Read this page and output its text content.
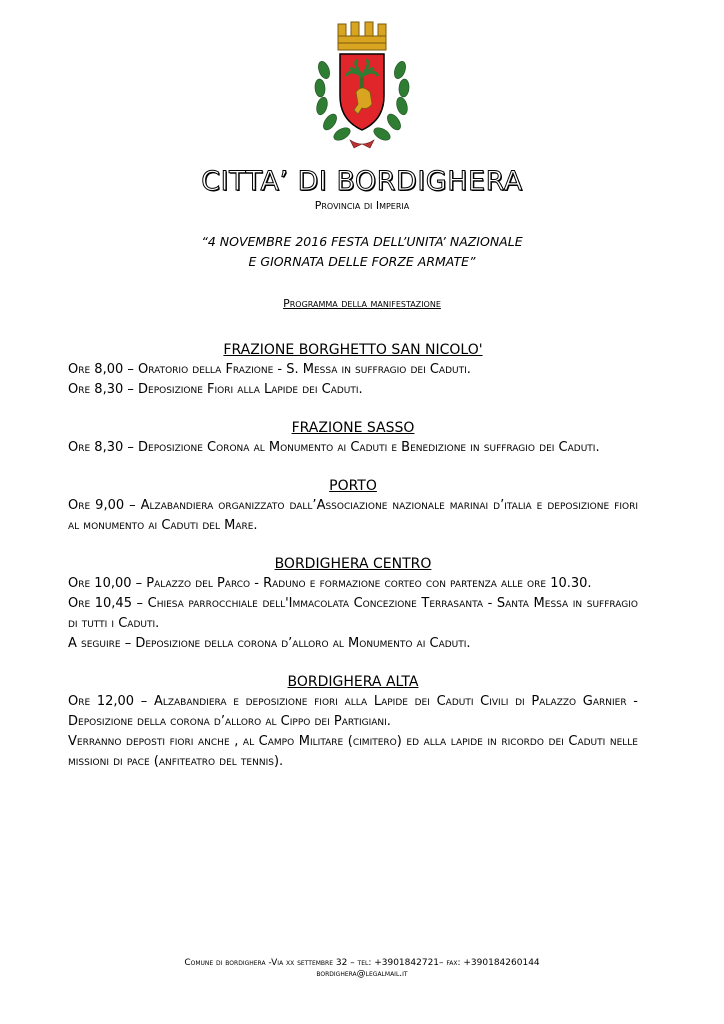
CITTA’ DI BORDIGHERA
Provincia di Imperia
“4 NOVEMBRE 2016 FESTA DELL’UNITA’ NAZIONALE
E GIORNATA DELLE FORZE ARMATE”
Programma della manifestazione

FRAZIONE BORGHETTO SAN NICOLO'

Ore 8,00 – Oratorio della Frazione - S. Messa in suffragio dei Caduti.

Ore 8,30 – Deposizione Fiori alla Lapide dei Caduti.

FRAZIONE SASSO

Ore 8,30 – Deposizione Corona al Monumento ai Caduti e Benedizione in suffragio dei Caduti.

PORTO

Ore 9,00 – Alzabandiera organizzato dall’Associazione nazionale marinai d’italia e deposizione fiori al monumento ai Caduti del Mare.

BORDIGHERA CENTRO

Ore 10,00 – Palazzo del Parco - Raduno e formazione corteo con partenza alle ore 10.30.

Ore 10,45 – Chiesa parrocchiale dell'Immacolata Concezione Terrasanta - Santa Messa in suffragio di tutti i Caduti.

A seguire – Deposizione della corona d’alloro al Monumento ai Caduti.

BORDIGHERA ALTA

Ore 12,00 – Alzabandiera e deposizione fiori alla Lapide dei Caduti Civili di Palazzo Garnier - Deposizione della corona d’alloro al Cippo dei Partigiani.

Verranno deposti fiori anche , al Campo Militare (cimitero) ed alla lapide in ricordo dei Caduti nelle missioni di pace (anfiteatro del tennis).

Comune di bordighera -Via xx settembre 32 – tel: +3901842721– fax: +390184260144
bordighera@legalmail.it
